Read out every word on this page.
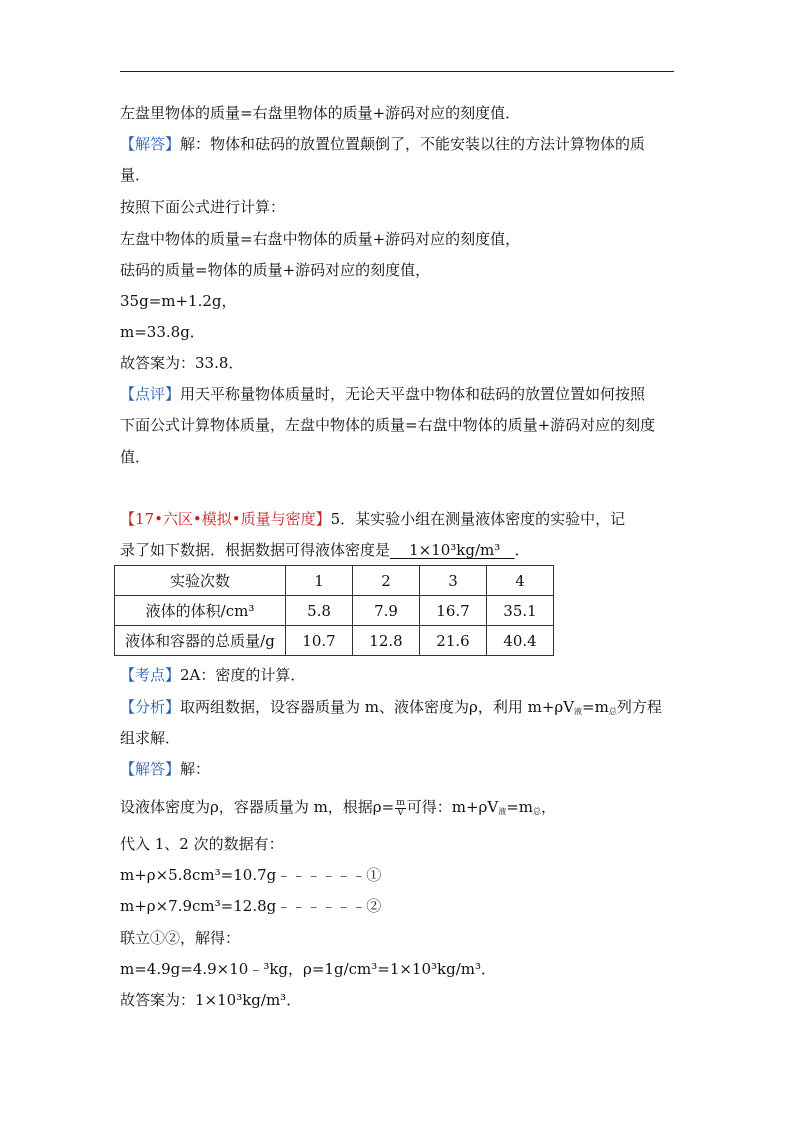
左盘里物体的质量=右盘里物体的质量+游码对应的刻度值．
【解答】解：物体和砝码的放置位置颠倒了，不能安装以往的方法计算物体的质
量．
按照下面公式进行计算：
左盘中物体的质量=右盘中物体的质量+游码对应的刻度值，
砝码的质量=物体的质量+游码对应的刻度值，
35g=m+1.2g，
m=33.8g．
故答案为：33.8．
【点评】用天平称量物体质量时，无论天平盘中物体和砝码的放置位置如何按照
下面公式计算物体质量，左盘中物体的质量=右盘中物体的质量+游码对应的刻度
值．
【17•六区•模拟•质量与密度】5．某实验小组在测量液体密度的实验中，记
录了如下数据．根据数据可得液体密度是 1×10³kg/m³ ．
实验次数	1	2	3	4
液体的体积/cm³	5.8	7.9	16.7	35.1
液体和容器的总质量/g	10.7	12.8	21.6	40.4
【考点】2A：密度的计算．
【分析】取两组数据，设容器质量为 m、液体密度为ρ，利用 $m+\rho V_液=m_总$列方程
组求解．
【解答】解：
设液体密度为ρ，容器质量为 m，根据$\rho= \frac{m}{V}$ 可得：$m+\rho V_液=m_总$，
代入 1、2 次的数据有：
m+ρ×5.8cm³=10.7g﹣﹣﹣﹣﹣﹣①
m+ρ×7.9cm³=12.8g﹣﹣﹣﹣﹣﹣②
联立①②，解得：
m=4.9g=4.9×10﹣³kg，ρ=1g/cm³=1×10³kg/m³．
故答案为：1×10³kg/m³．
